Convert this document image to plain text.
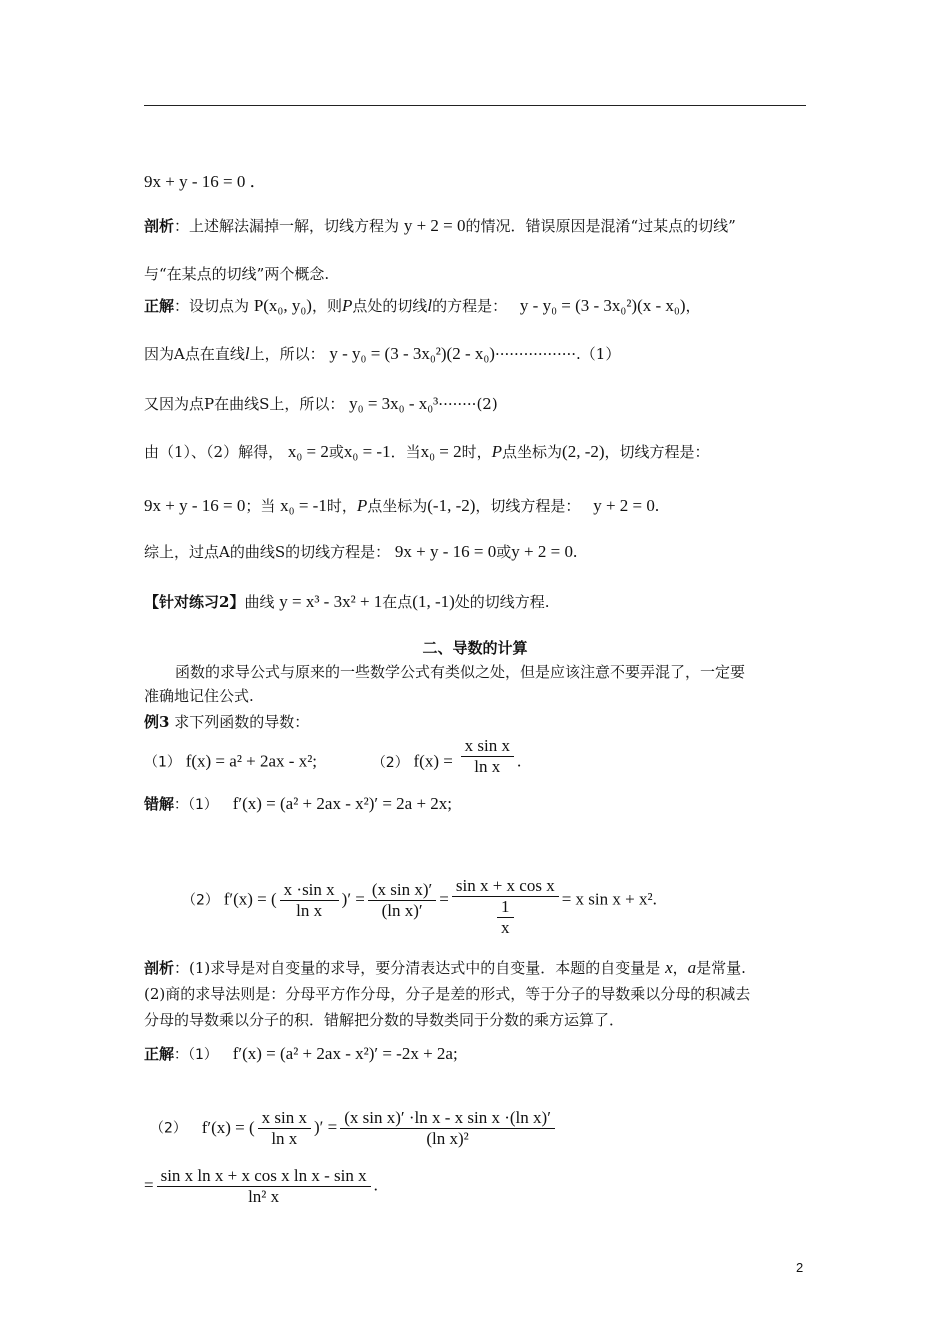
9x + y - 16 = 0 ．
剖析：上述解法漏掉一解，切线方程为 y + 2 = 0的情况．错误原因是混淆“过某点的切线”
与“在某点的切线”两个概念.
正解：设切点为 P(x₀, y₀)，则P点处的切线l的方程是： y - y₀ = (3 - 3x₀²)(x - x₀)，
因为A点在直线l上，所以： y - y₀ = (3 - 3x₀²)(2 - x₀)·················.（1）
又因为点P在曲线S上，所以： y₀ = 3x₀ - x₀³········(2)
由（1）、（2）解得， x₀ = 2或x₀ = -1．当x₀ = 2时，P点坐标为(2, -2)，切线方程是：
9x + y - 16 = 0；当 x₀ = -1时，P点坐标为(-1, -2)，切线方程是： y + 2 = 0.
综上，过点A的曲线S的切线方程是： 9x + y - 16 = 0或y + 2 = 0.
【针对练习2】曲线 y = x³ - 3x² + 1在点(1, -1)处的切线方程.
二、导数的计算
函数的求导公式与原来的一些数学公式有类似之处，但是应该注意不要弄混了，一定要
准确地记住公式.
例3 求下列函数的导数：
（1） f(x) = a² + 2ax - x²;	（2） $f(x) = \frac{\text{x sin x}}{\text{ln x}}$ .
错解：（1） f′(x) = (a² + 2ax - x²)′ = 2a + 2x;
（2） f′(x) = ( $\frac{\text{x ·sin x}}{\text{ln x}}$ )′ = $\frac{\text{(x sin x)′}}{\text{(ln x)′}} = \frac{\text{sin x + x cos x}}{\frac{1}{x}} = x$ sin x + x².
剖析：(1)求导是对自变量的求导，要分清表达式中的自变量．本题的自变量是 x，a是常量.
(2)商的求导法则是：分母平方作分母，分子是差的形式，等于分子的导数乘以分母的积减去
分母的导数乘以分子的积．错解把分数的导数类同于分数的乘方运算了．
正解：（1） f′(x) = (a² + 2ax - x²)′ = -2x + 2a;
（2） f′(x) = ( $\frac{\text{x sin x}}{\text{ln x}}$ )′ = $\frac{\text{(x sin x)′ ·ln x - x sin x ·(ln x)′}}{\text{(ln x)²}}$
= $\frac{\text{sin x ln x + x cos x ln x - sin x}}{\text{ln² x}}$ .
2
